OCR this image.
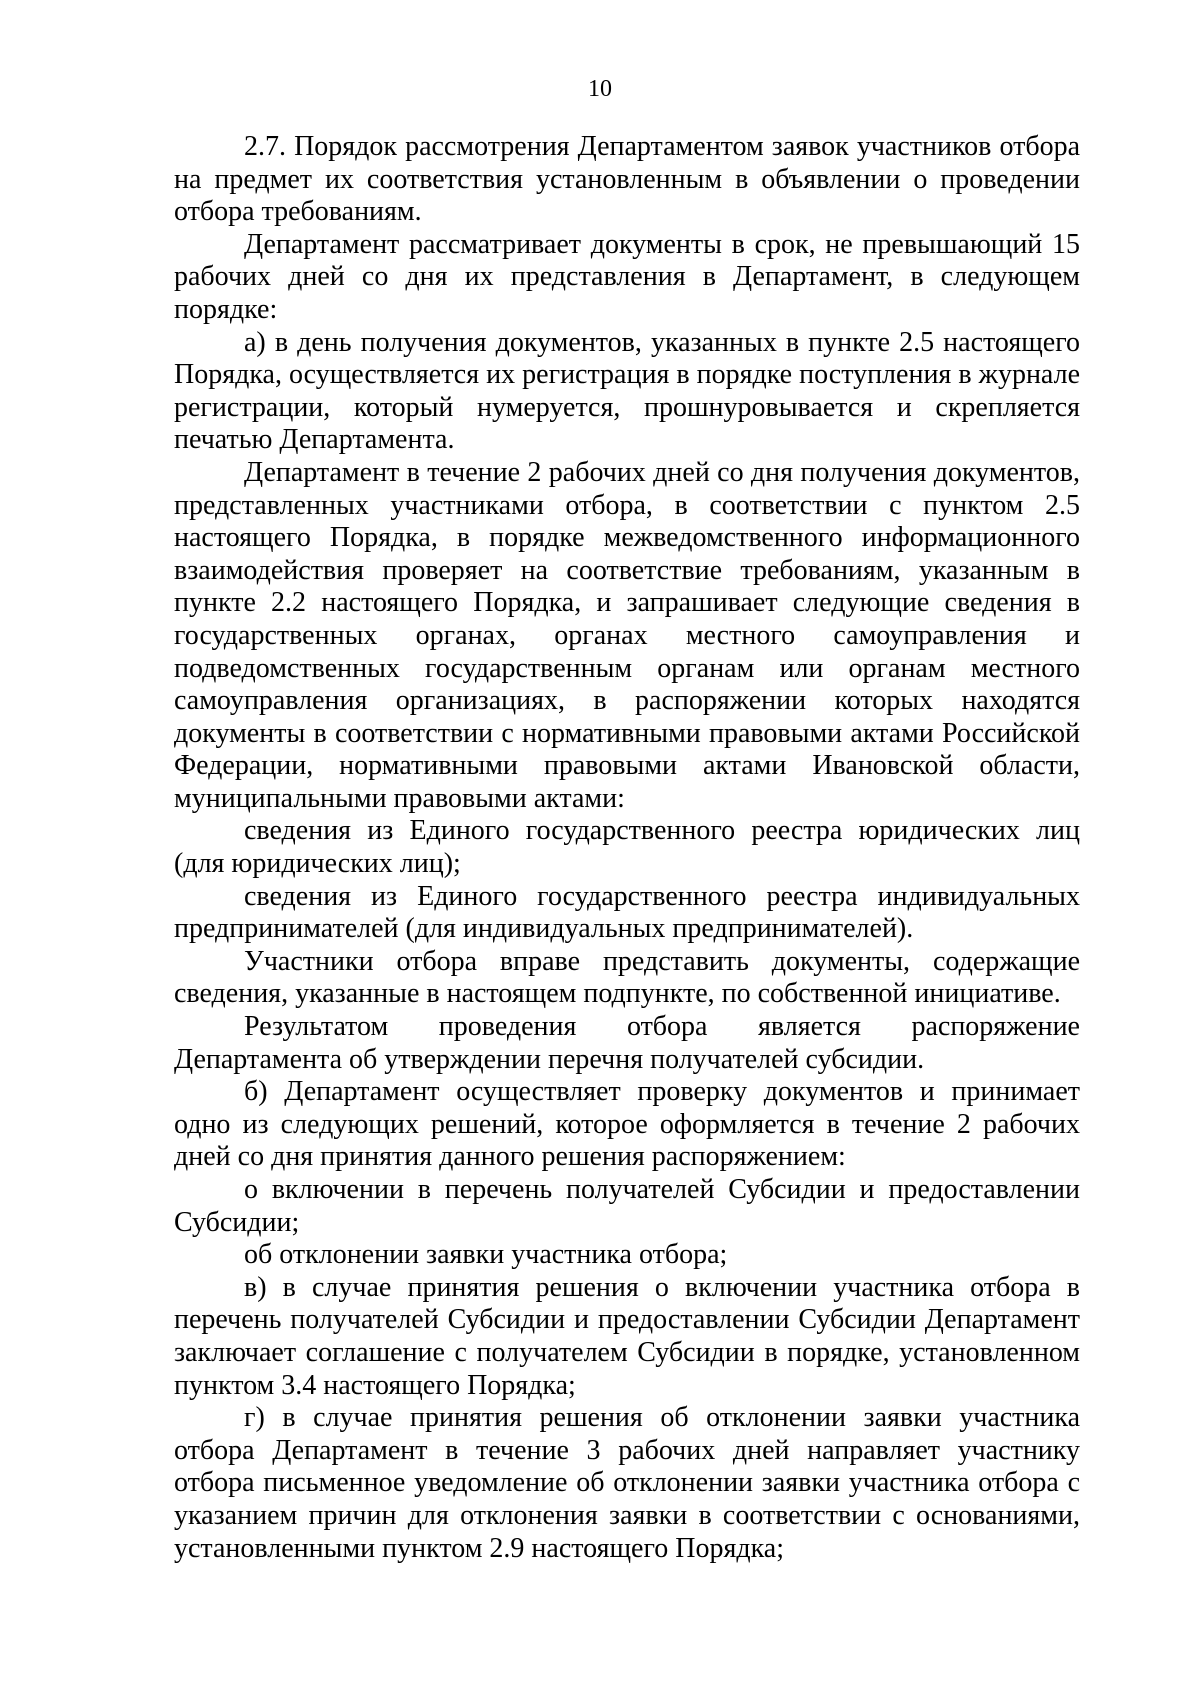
10

2.7. Порядок рассмотрения Департаментом заявок участников отбора на предмет их соответствия установленным в объявлении о проведении отбора требованиям.

Департамент рассматривает документы в срок, не превышающий 15 рабочих дней со дня их представления в Департамент, в следующем порядке:

а) в день получения документов, указанных в пункте 2.5 настоящего Порядка, осуществляется их регистрация в порядке поступления в журнале регистрации, который нумеруется, прошнуровывается и скрепляется печатью Департамента.

Департамент в течение 2 рабочих дней со дня получения документов, представленных участниками отбора, в соответствии с пунктом 2.5 настоящего Порядка, в порядке межведомственного информационного взаимодействия проверяет на соответствие требованиям, указанным в пункте 2.2 настоящего Порядка, и запрашивает следующие сведения в государственных органах, органах местного самоуправления и подведомственных государственным органам или органам местного самоуправления организациях, в распоряжении которых находятся документы в соответствии с нормативными правовыми актами Российской Федерации, нормативными правовыми актами Ивановской области, муниципальными правовыми актами:

сведения из Единого государственного реестра юридических лиц (для юридических лиц);

сведения из Единого государственного реестра индивидуальных предпринимателей (для индивидуальных предпринимателей).

Участники отбора вправе представить документы, содержащие сведения, указанные в настоящем подпункте, по собственной инициативе.

Результатом проведения отбора является распоряжение Департамента об утверждении перечня получателей субсидии.

б) Департамент осуществляет проверку документов и принимает одно из следующих решений, которое оформляется в течение 2 рабочих дней со дня принятия данного решения распоряжением:

о включении в перечень получателей Субсидии и предоставлении Субсидии;

об отклонении заявки участника отбора;

в) в случае принятия решения о включении участника отбора в перечень получателей Субсидии и предоставлении Субсидии Департамент заключает соглашение с получателем Субсидии в порядке, установленном пунктом 3.4 настоящего Порядка;

г) в случае принятия решения об отклонении заявки участника отбора Департамент в течение 3 рабочих дней направляет участнику отбора письменное уведомление об отклонении заявки участника отбора с указанием причин для отклонения заявки в соответствии с основаниями, установленными пунктом 2.9 настоящего Порядка;
